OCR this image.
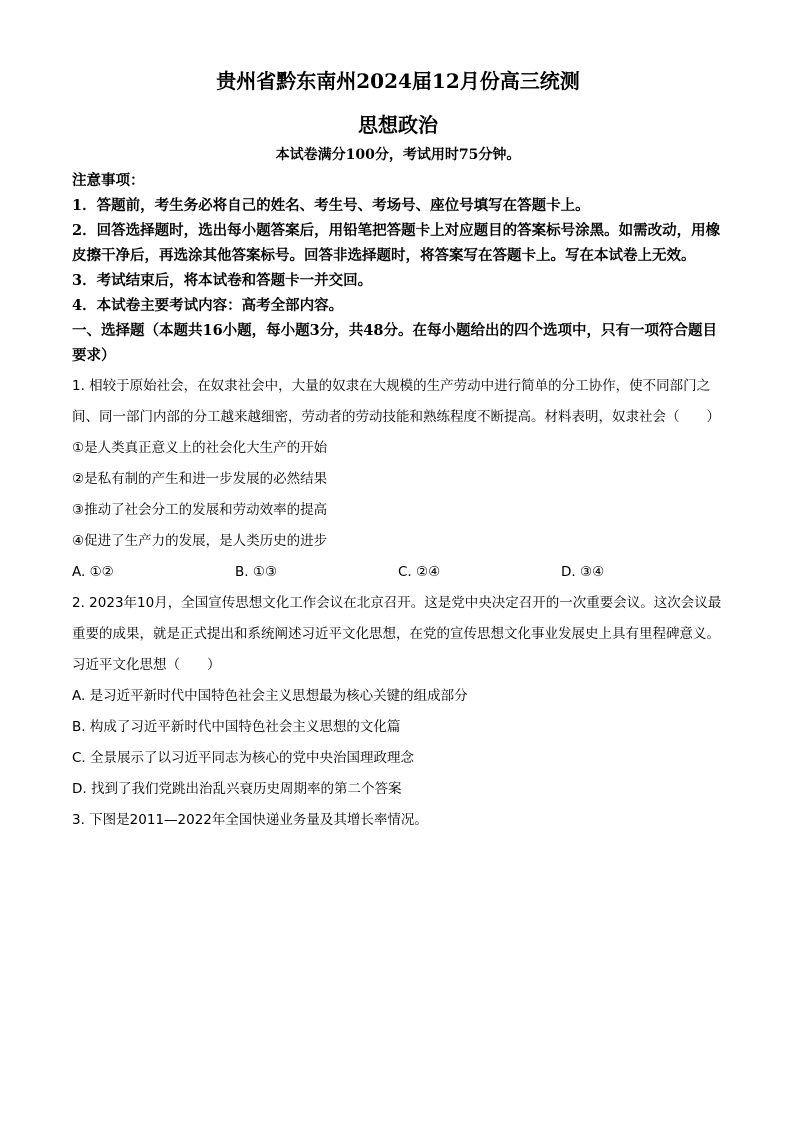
贵州省黔东南州2024届12月份高三统测

思想政治

本试卷满分100分，考试用时75分钟。

注意事项：

1．答题前，考生务必将自己的姓名、考生号、考场号、座位号填写在答题卡上。

2．回答选择题时，选出每小题答案后，用铅笔把答题卡上对应题目的答案标号涂黑。如需改动，用橡皮擦干净后，再选涂其他答案标号。回答非选择题时，将答案写在答题卡上。写在本试卷上无效。

3．考试结束后，将本试卷和答题卡一并交回。

4．本试卷主要考试内容：高考全部内容。

一、选择题（本题共16小题，每小题3分，共48分。在每小题给出的四个选项中，只有一项符合题目要求）

1. 相较于原始社会，在奴隶社会中，大量的奴隶在大规模的生产劳动中进行简单的分工协作，使不同部门之间、同一部门内部的分工越来越细密，劳动者的劳动技能和熟练程度不断提高。材料表明，奴隶社会（　　）

①是人类真正意义上的社会化大生产的开始

②是私有制的产生和进一步发展的必然结果

③推动了社会分工的发展和劳动效率的提高

④促进了生产力的发展，是人类历史的进步

A. ①②	B. ①③	C. ②④	D. ③④

2. 2023年10月，全国宣传思想文化工作会议在北京召开。这是党中央决定召开的一次重要会议。这次会议最重要的成果，就是正式提出和系统阐述习近平文化思想，在党的宣传思想文化事业发展史上具有里程碑意义。习近平文化思想（　　）

A. 是习近平新时代中国特色社会主义思想最为核心关键的组成部分

B. 构成了习近平新时代中国特色社会主义思想的文化篇

C. 全景展示了以习近平同志为核心的党中央治国理政理念

D. 找到了我们党跳出治乱兴衰历史周期率的第二个答案

3. 下图是2011—2022年全国快递业务量及其增长率情况。
